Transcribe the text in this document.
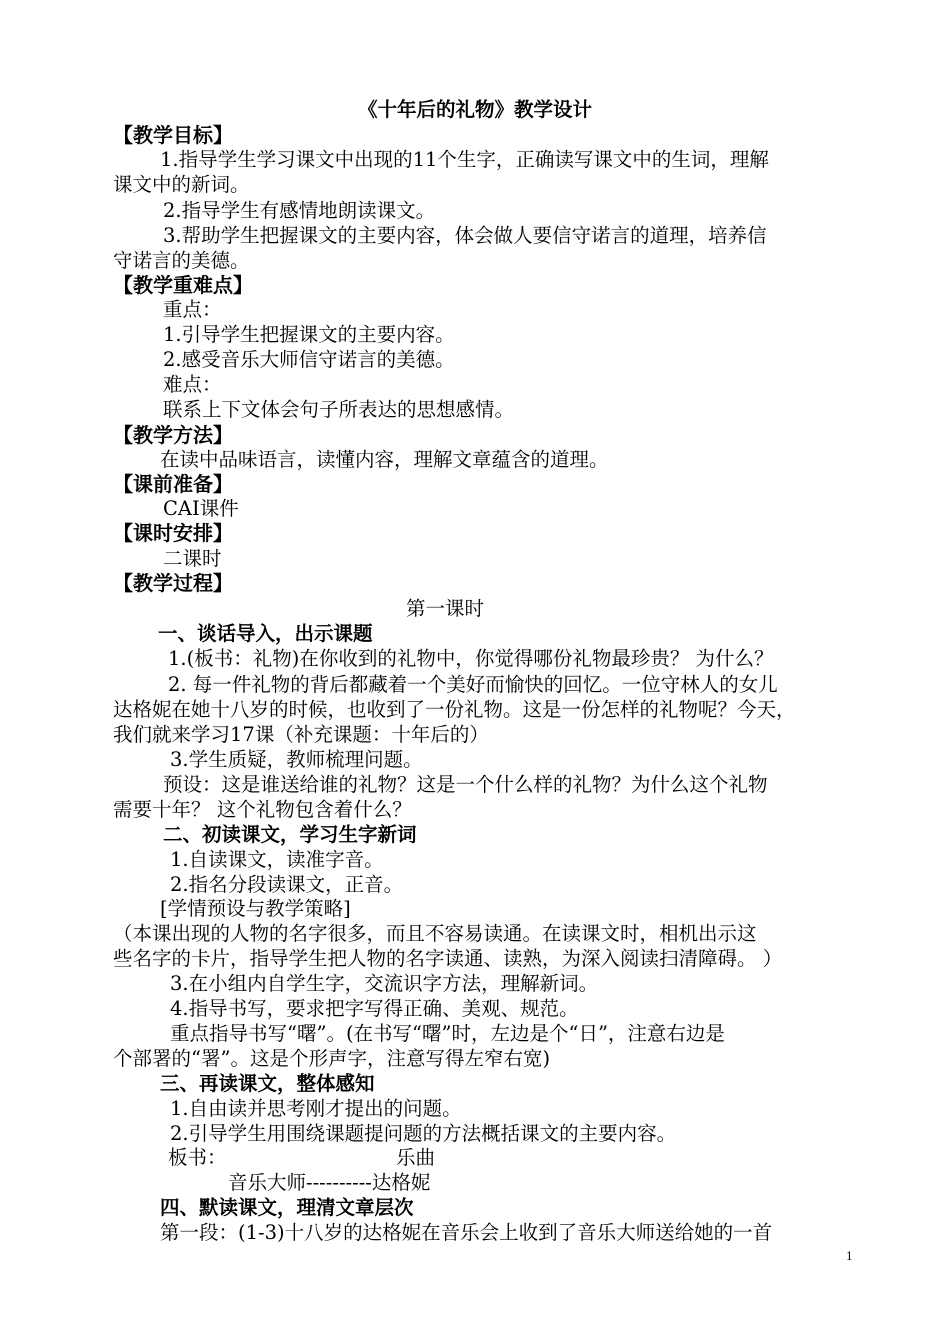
《十年后的礼物》教学设计
【教学目标】
1.指导学生学习课文中出现的11个生字，正确读写课文中的生词，理解
课文中的新词。
2.指导学生有感情地朗读课文。
3.帮助学生把握课文的主要内容，体会做人要信守诺言的道理，培养信
守诺言的美德。
【教学重难点】
重点：
1.引导学生把握课文的主要内容。
2.感受音乐大师信守诺言的美德。
难点：
联系上下文体会句子所表达的思想感情。
【教学方法】
在读中品味语言，读懂内容，理解文章蕴含的道理。
【课前准备】
CAI课件
【课时安排】
二课时
【教学过程】
第一课时
一、谈话导入，出示课题
1.(板书：礼物)在你收到的礼物中，你觉得哪份礼物最珍贵？ 为什么？
2. 每一件礼物的背后都藏着一个美好而愉快的回忆。一位守林人的女儿
达格妮在她十八岁的时候，也收到了一份礼物。这是一份怎样的礼物呢？今天，
我们就来学习17课（补充课题：十年后的）
3.学生质疑，教师梳理问题。
预设：这是谁送给谁的礼物？这是一个什么样的礼物？为什么这个礼物
需要十年？ 这个礼物包含着什么？
二、初读课文，学习生字新词
1.自读课文，读准字音。
2.指名分段读课文，正音。
[学情预设与教学策略]
（本课出现的人物的名字很多，而且不容易读通。在读课文时，相机出示这
些名字的卡片，指导学生把人物的名字读通、读熟，为深入阅读扫清障碍。 ）
3.在小组内自学生字，交流识字方法，理解新词。
4.指导书写，要求把字写得正确、美观、规范。
重点指导书写“曙”。(在书写“曙”时，左边是个“日”，注意右边是
个部署的“署”。这是个形声字，注意写得左窄右宽)
三、再读课文，整体感知
1.自由读并思考刚才提出的问题。
2.引导学生用围绕课题提问题的方法概括课文的主要内容。
板书：	乐曲
音乐大师----------达格妮
四、默读课文，理清文章层次
第一段：(1-3)十八岁的达格妮在音乐会上收到了音乐大师送给她的一首
1
